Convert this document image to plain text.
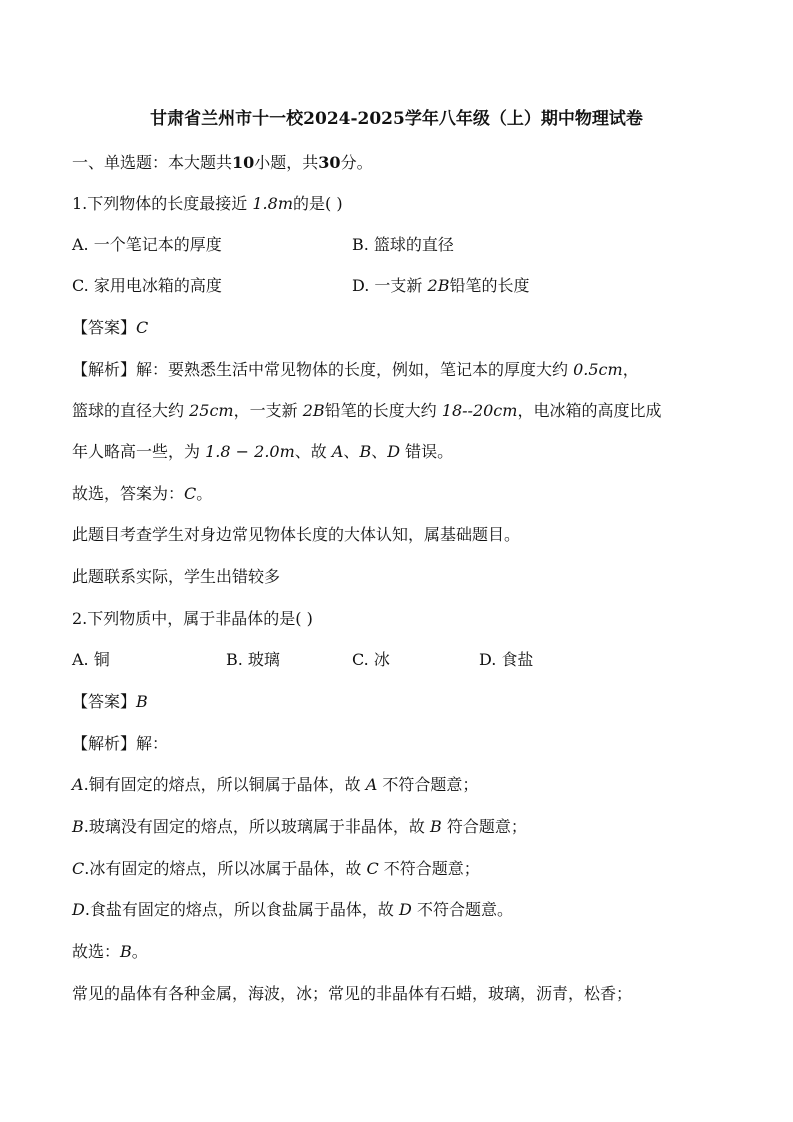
甘肃省兰州市十一校2024-2025学年八年级（上）期中物理试卷
一、单选题：本大题共10小题，共30分。
1.下列物体的长度最接近 1.8m的是( )
A. 一个笔记本的厚度	B. 篮球的直径
C. 家用电冰箱的高度	D. 一支新 2B铅笔的长度
【答案】C
【解析】解：要熟悉生活中常见物体的长度，例如，笔记本的厚度大约 0.5cm，
篮球的直径大约 25cm，一支新 2B铅笔的长度大约 18--20cm，电冰箱的高度比成
年人略高一些，为 1.8 − 2.0m、故 A、B、D 错误。
故选，答案为：C。
此题目考查学生对身边常见物体长度的大体认知，属基础题目。
此题联系实际，学生出错较多
2.下列物质中，属于非晶体的是( )
A. 铜	B. 玻璃	C. 冰	D. 食盐
【答案】B
【解析】解：
A.铜有固定的熔点，所以铜属于晶体，故 A 不符合题意；
B.玻璃没有固定的熔点，所以玻璃属于非晶体，故 B 符合题意；
C.冰有固定的熔点，所以冰属于晶体，故 C 不符合题意；
D.食盐有固定的熔点，所以食盐属于晶体，故 D 不符合题意。
故选：B。
常见的晶体有各种金属，海波，冰；常见的非晶体有石蜡，玻璃，沥青，松香；
